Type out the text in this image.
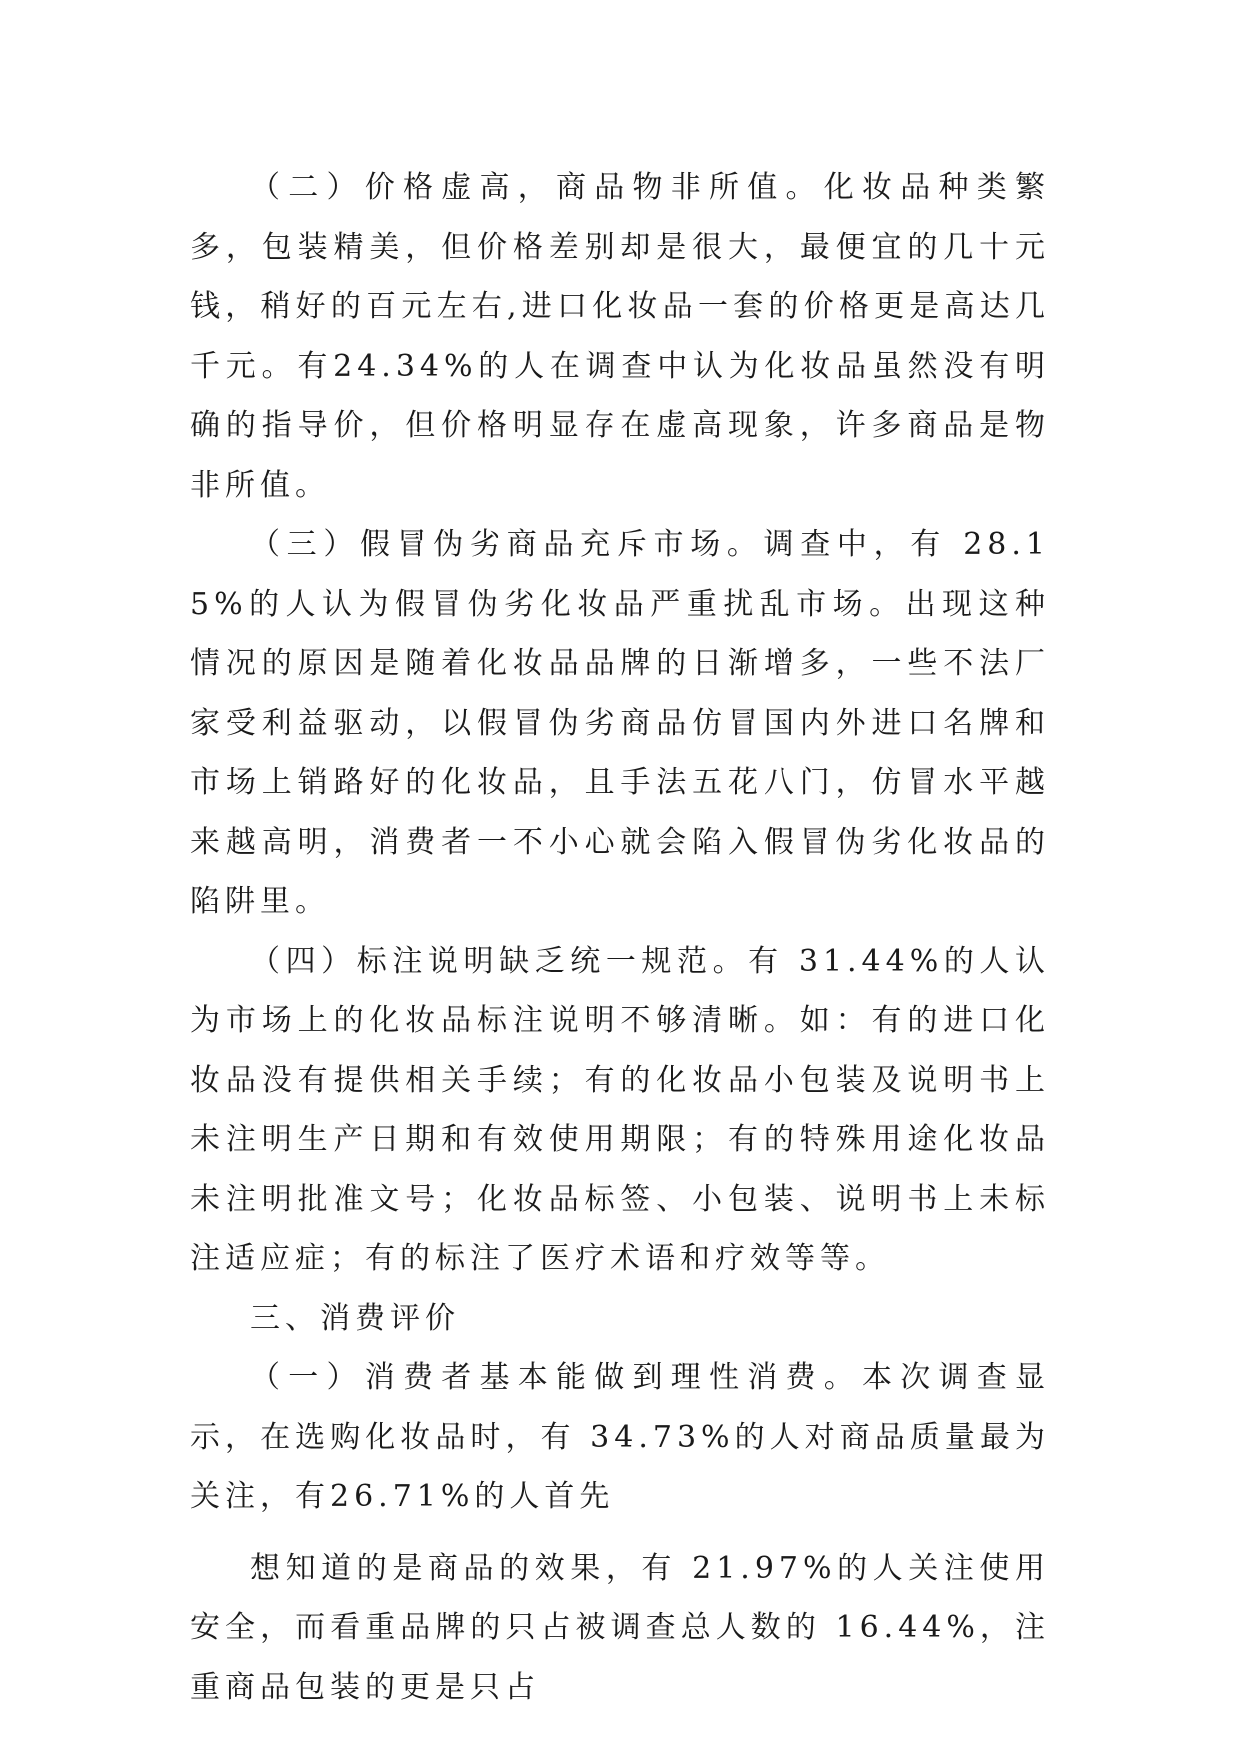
（二）价格虚高，商品物非所值。化妆品种类繁多，包装精美，但价格差别却是很大，最便宜的几十元钱，稍好的百元左右,进口化妆品一套的价格更是高达几千元。有24.34%的人在调查中认为化妆品虽然没有明确的指导价，但价格明显存在虚高现象，许多商品是物非所值。

（三）假冒伪劣商品充斥市场。调查中，有 28.15%的人认为假冒伪劣化妆品严重扰乱市场。出现这种情况的原因是随着化妆品品牌的日渐增多，一些不法厂家受利益驱动，以假冒伪劣商品仿冒国内外进口名牌和市场上销路好的化妆品，且手法五花八门，仿冒水平越来越高明，消费者一不小心就会陷入假冒伪劣化妆品的陷阱里。

（四）标注说明缺乏统一规范。有 31.44%的人认为市场上的化妆品标注说明不够清晰。如：有的进口化妆品没有提供相关手续；有的化妆品小包装及说明书上未注明生产日期和有效使用期限；有的特殊用途化妆品未注明批准文号；化妆品标签、小包装、说明书上未标注适应症；有的标注了医疗术语和疗效等等。

三、消费评价

（一）消费者基本能做到理性消费。本次调查显示，在选购化妆品时，有 34.73%的人对商品质量最为关注，有26.71%的人首先

想知道的是商品的效果，有 21.97%的人关注使用安全，而看重品牌的只占被调查总人数的 16.44%，注重商品包装的更是只占
